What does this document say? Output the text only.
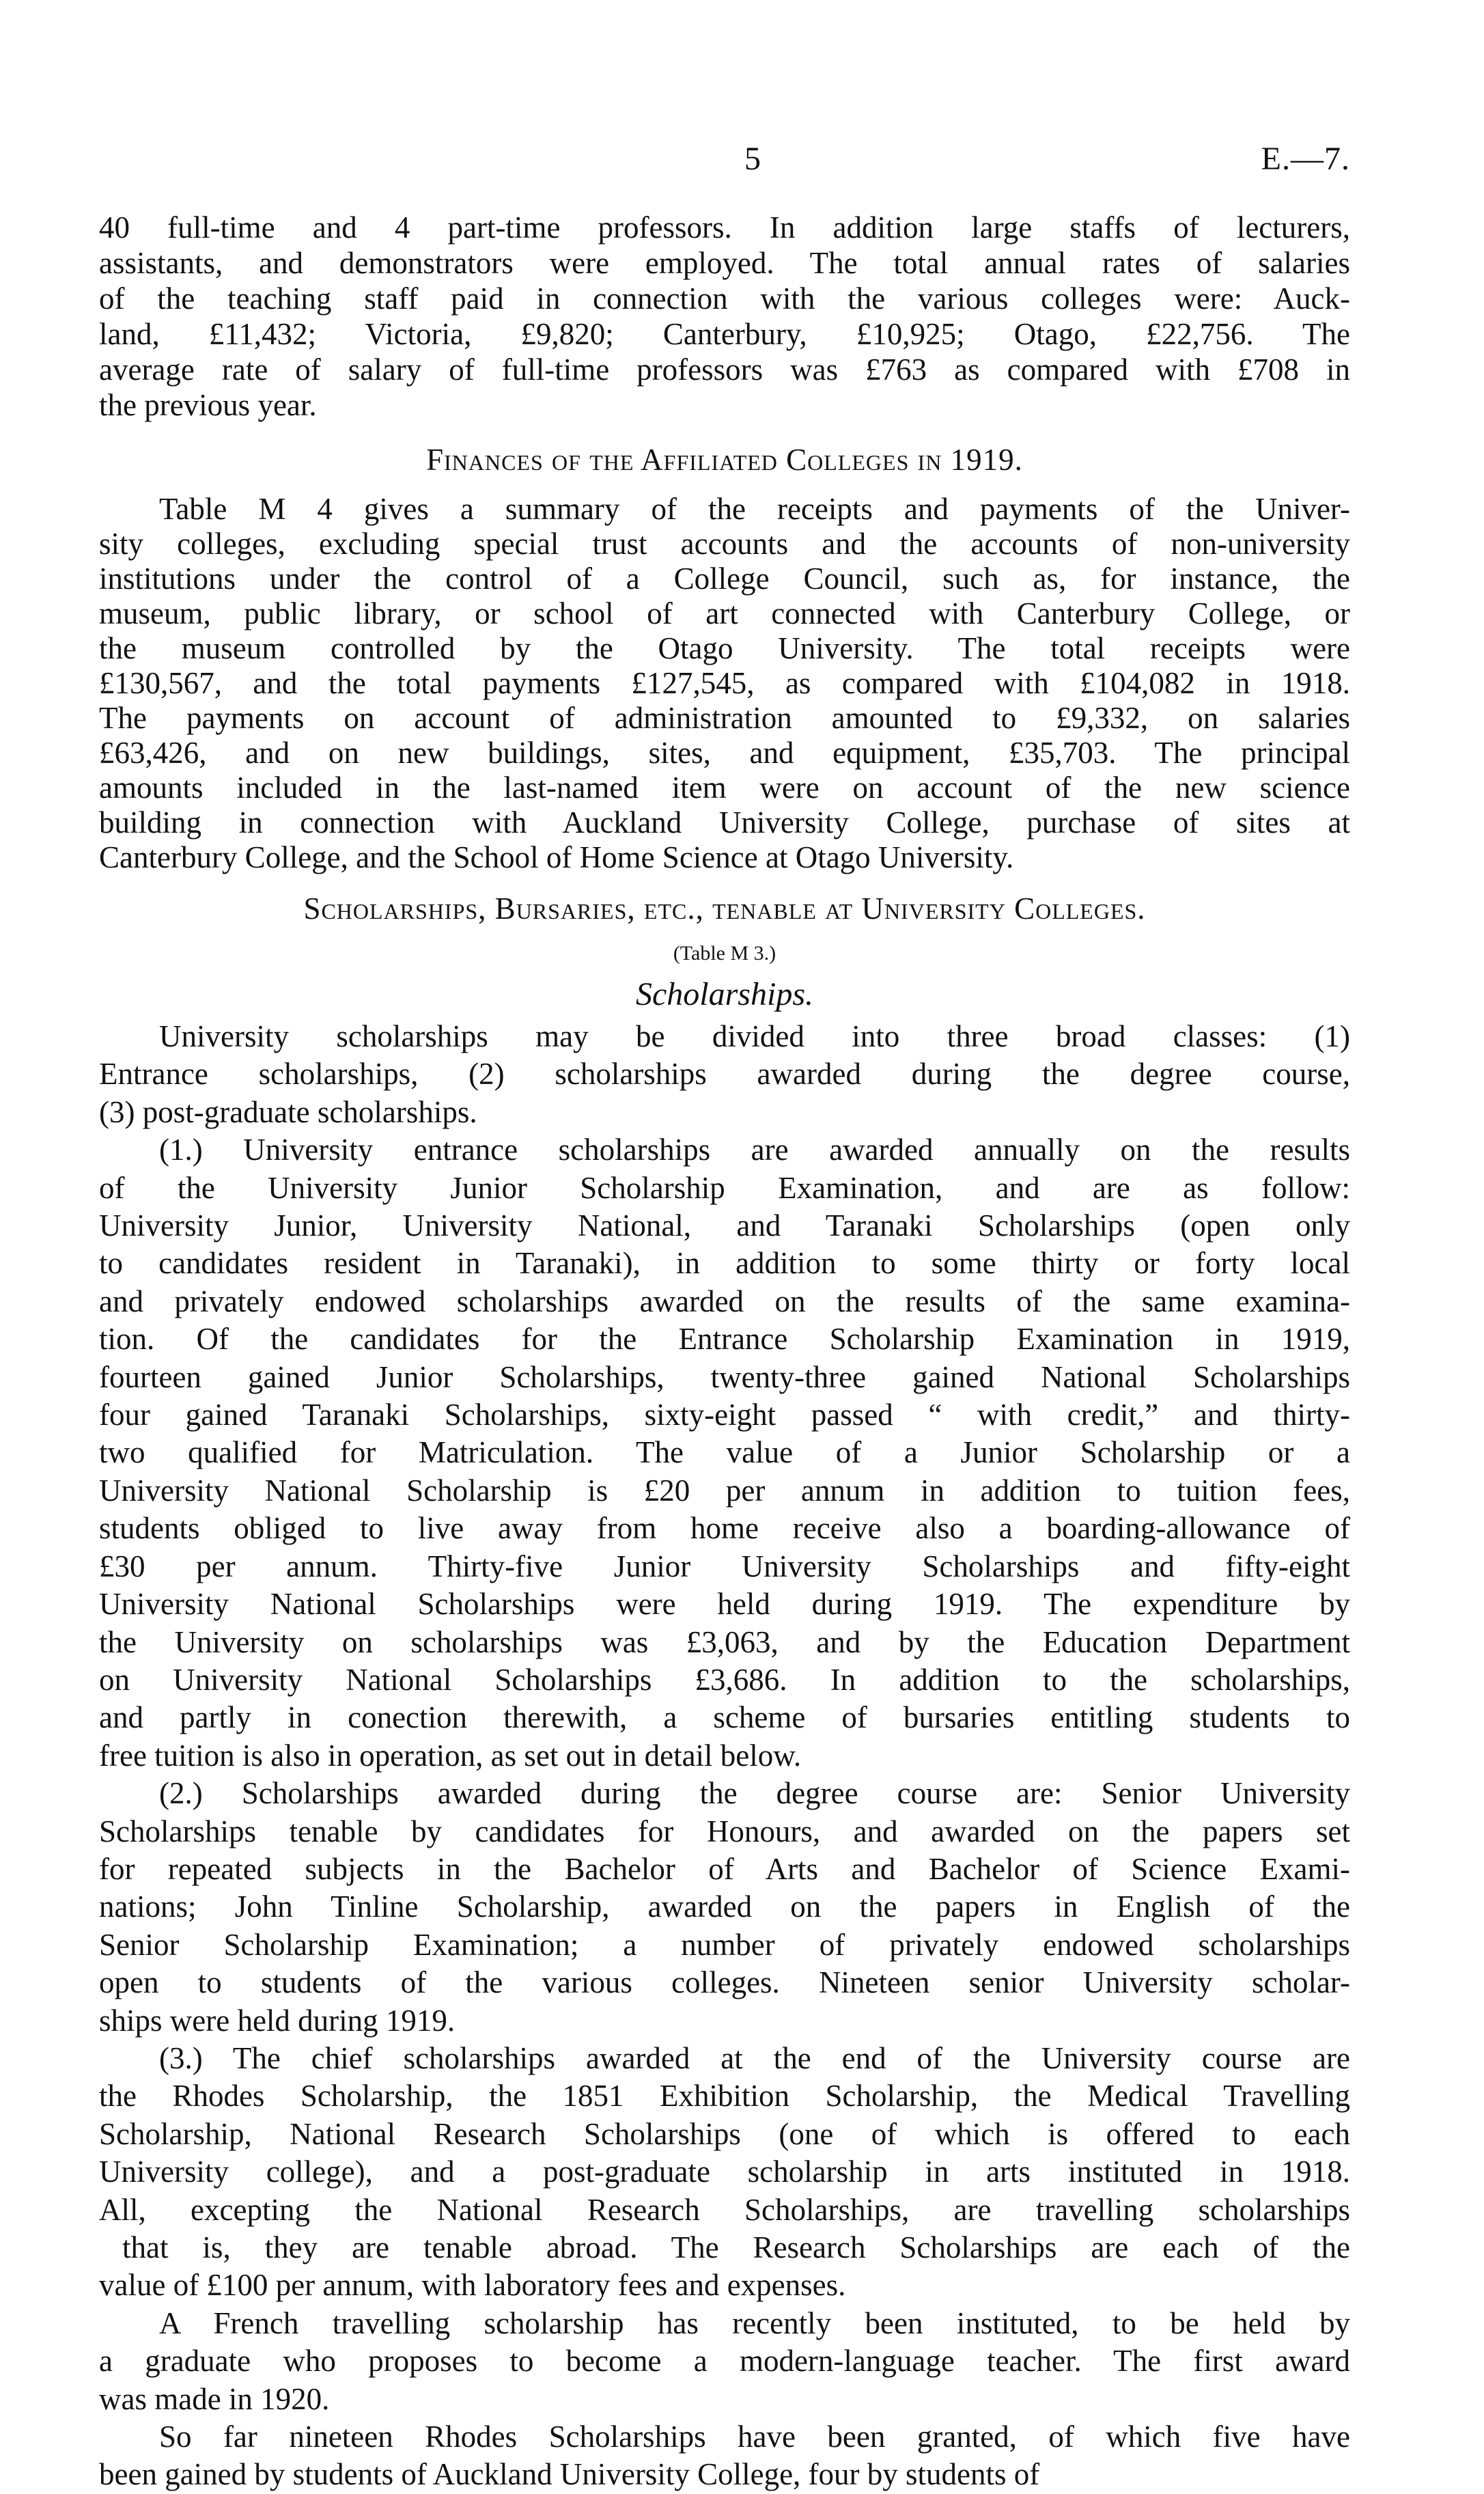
5	E.—7.
40 full-time and 4 part-time professors. In addition large staffs of lecturers,
assistants, and demonstrators were employed. The total annual rates of salaries
of the teaching staff paid in connection with the various colleges were: Auck-
land, £11,432; Victoria, £9,820; Canterbury, £10,925; Otago, £22,756. The
average rate of salary of full-time professors was £763 as compared with £708 in
the previous year.
Finances of the Affiliated Colleges in 1919.
Table M 4 gives a summary of the receipts and payments of the Univer-
sity colleges, excluding special trust accounts and the accounts of non-university
institutions under the control of a College Council, such as, for instance, the
museum, public library, or school of art connected with Canterbury College, or
the museum controlled by the Otago University. The total receipts were
£130,567, and the total payments £127,545, as compared with £104,082 in 1918.
The payments on account of administration amounted to £9,332, on salaries
£63,426, and on new buildings, sites, and equipment, £35,703. The principal
amounts included in the last-named item were on account of the new science
building in connection with Auckland University College, purchase of sites at
Canterbury College, and the School of Home Science at Otago University.
Scholarships, Bursaries, etc., tenable at University Colleges.
(Table M 3.)
Scholarships.
University scholarships may be divided into three broad classes: (1)
Entrance scholarships, (2) scholarships awarded during the degree course,
(3) post-graduate scholarships.
(1.) University entrance scholarships are awarded annually on the results
of the University Junior Scholarship Examination, and are as follow:
University Junior, University National, and Taranaki Scholarships (open only
to candidates resident in Taranaki), in addition to some thirty or forty local
and privately endowed scholarships awarded on the results of the same examina-
tion. Of the candidates for the Entrance Scholarship Examination in 1919,
fourteen gained Junior Scholarships, twenty-three gained National Scholarships
four gained Taranaki Scholarships, sixty-eight passed “ with credit,” and thirty-
two qualified for Matriculation. The value of a Junior Scholarship or a
University National Scholarship is £20 per annum in addition to tuition fees,
students obliged to live away from home receive also a boarding-allowance of
£30 per annum. Thirty-five Junior University Scholarships and fifty-eight
University National Scholarships were held during 1919. The expenditure by
the University on scholarships was £3,063, and by the Education Department
on University National Scholarships £3,686. In addition to the scholarships,
and partly in conection therewith, a scheme of bursaries entitling students to
free tuition is also in operation, as set out in detail below.
(2.) Scholarships awarded during the degree course are: Senior University
Scholarships tenable by candidates for Honours, and awarded on the papers set
for repeated subjects in the Bachelor of Arts and Bachelor of Science Exami-
nations; John Tinline Scholarship, awarded on the papers in English of the
Senior Scholarship Examination; a number of privately endowed scholarships
open to students of the various colleges. Nineteen senior University scholar-
ships were held during 1919.
(3.) The chief scholarships awarded at the end of the University course are
the Rhodes Scholarship, the 1851 Exhibition Scholarship, the Medical Travelling
Scholarship, National Research Scholarships (one of which is offered to each
University college), and a post-graduate scholarship in arts instituted in 1918.
All, excepting the National Research Scholarships, are travelling scholarships
that is, they are tenable abroad. The Research Scholarships are each of the
value of £100 per annum, with laboratory fees and expenses.
A French travelling scholarship has recently been instituted, to be held by
a graduate who proposes to become a modern-language teacher. The first award
was made in 1920.
So far nineteen Rhodes Scholarships have been granted, of which five have
been gained by students of Auckland University College, four by students of
